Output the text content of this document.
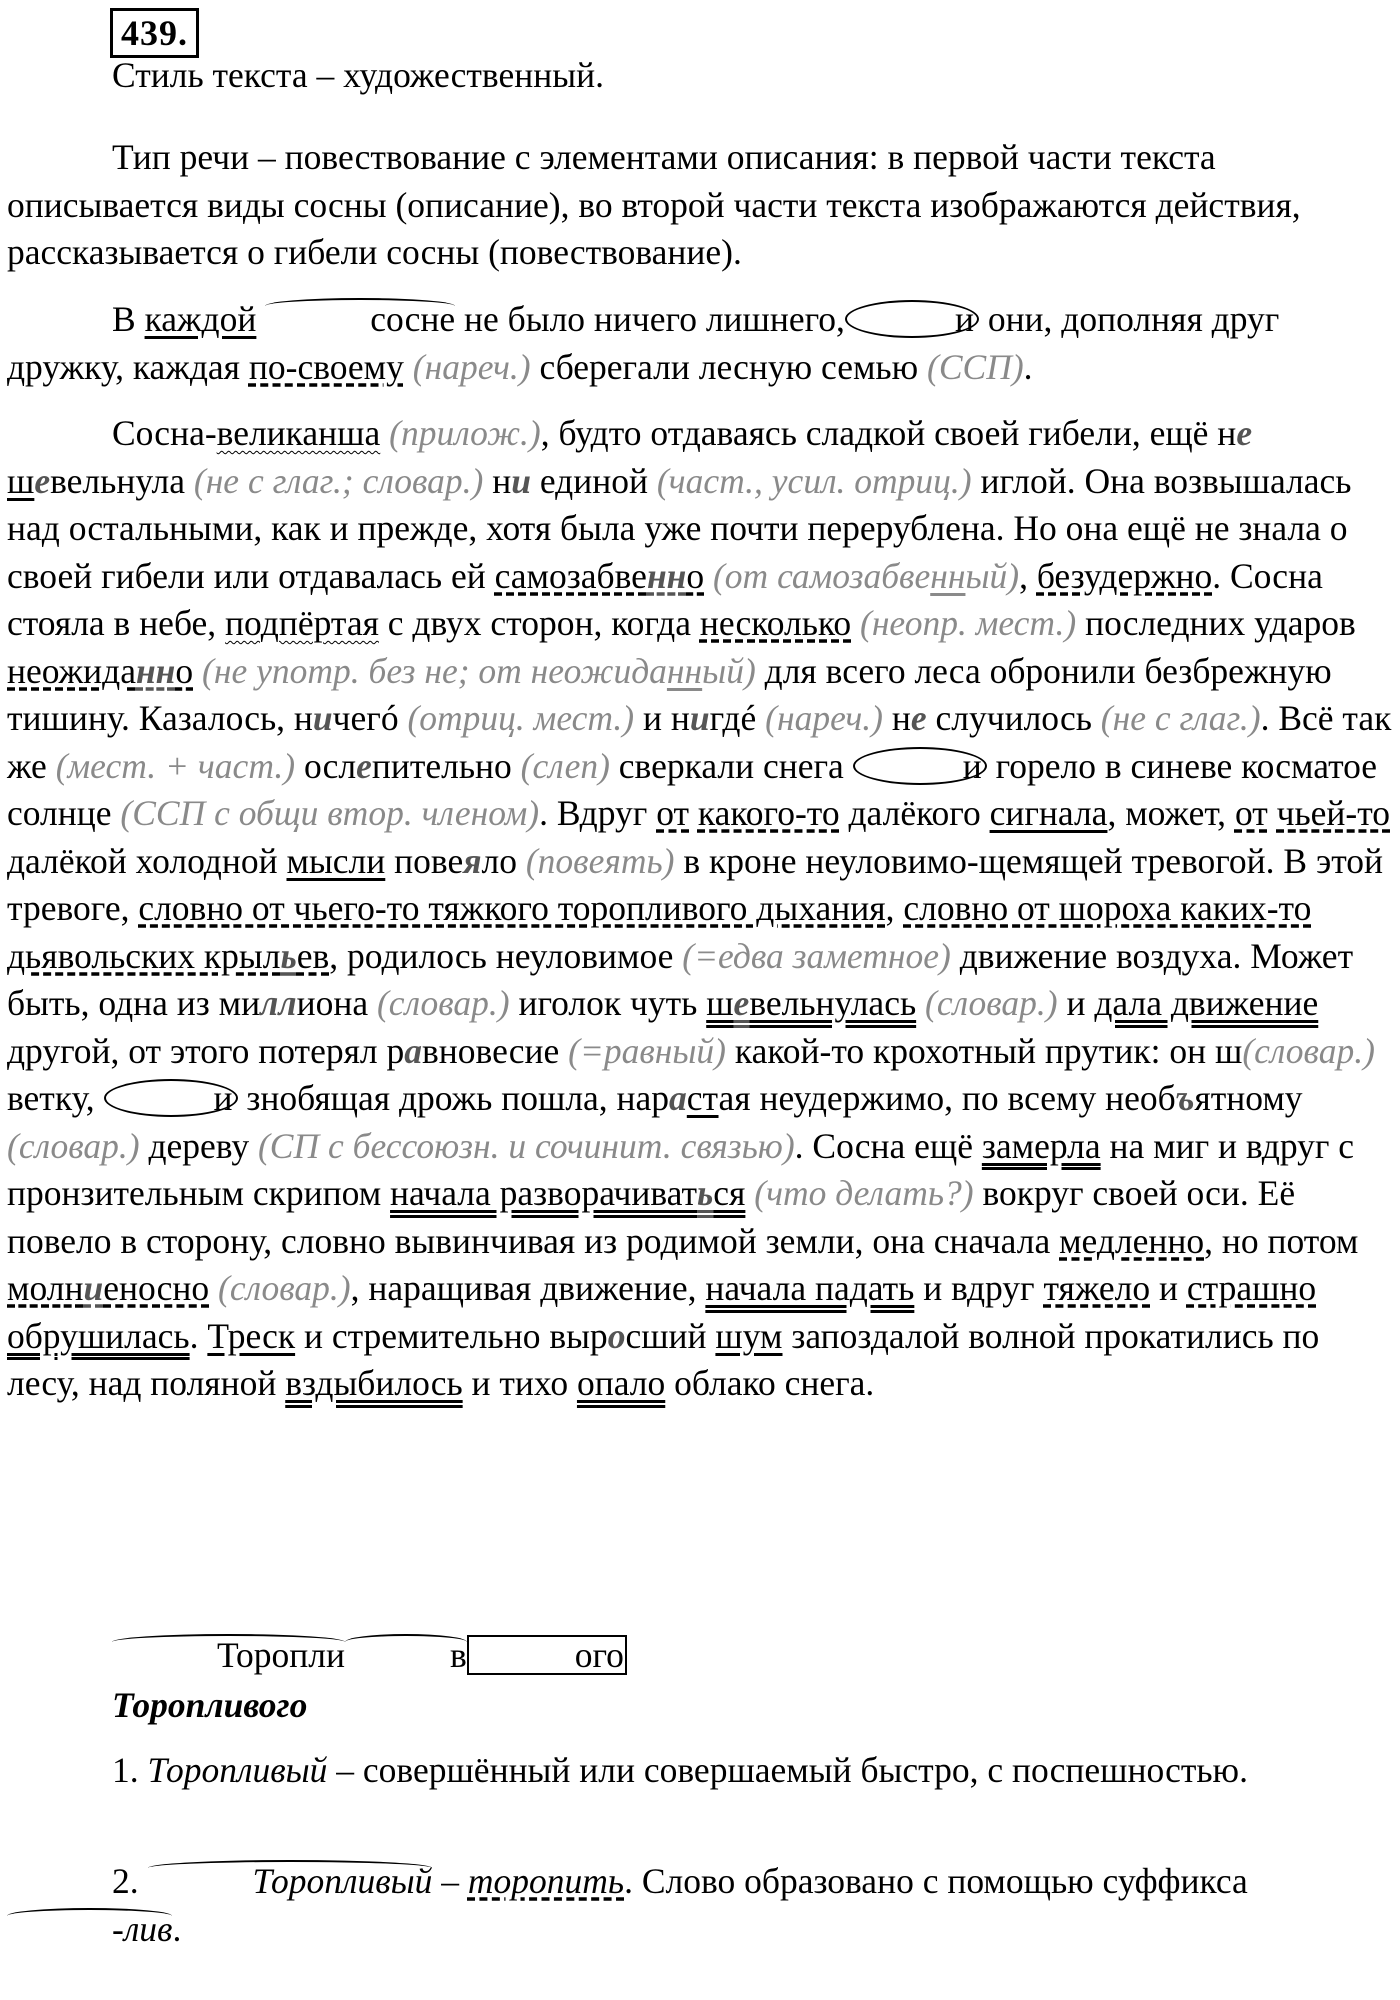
439.

Стиль текста – художественный.

Тип речи – повествование с элементами описания: в первой части текста описывается виды сосны (описание), во второй части текста изображаются действия, рассказывается о гибели сосны (повествование).

В каждой	сосне не было ничего лишнего,	и они, дополняя друг дружку, каждая по-своему (нареч.) сберегали лесную семью (ССП).

Сосна-великанша (прилож.), будто отдаваясь сладкой своей гибели, ещё не шевельнула (не с глаг.; словар.) ни единой (част., усил. отриц.) иглой. Она возвышалась над остальными, как и прежде, хотя была уже почти перерублена. Но она ещё не знала о своей гибели или отдавалась ей самозабвенно (от самозабвенный), безудержно. Сосна стояла в небе, подпёртая с двух сторон, когда несколько (неопр. мест.) последних ударов неожиданно (не употр. без не; от неожиданный) для всего леса обронили безбрежную тишину. Казалось, ничегó (отриц. мест.) и нигдé (нареч.) не случилось (не с глаг.). Всё так же (мест. + част.) ослепительно (слеп) сверкали снега	и горело в синеве косматое солнце (ССП с общи втор. членом). Вдруг от какого-то далёкого сигнала, может, от чьей-то далёкой холодной мысли повеяло (повеять) в кроне неуловимо-щемящей тревогой. В этой тревоге, словно от чьего-то тяжкого торопливого дыхания, словно от шороха каких-то дьявольских крыльев, родилось неуловимое (=едва заметное) движение воздуха. Может быть, одна из миллиона (словар.) иголок чуть шевельнулась (словар.) и дала движение другой, от этого потерял равновесие (=равный) какой-то крохотный прутик: он ш(словар.) ветку,	и знобящая дрожь пошла, нарастая неудержимо, по всему необъятному (словар.) дереву (СП с бессоюзн. и сочинит. связью). Сосна ещё замерла на миг и вдруг с пронзительным скрипом начала разворачиваться (что делать?) вокруг своей оси. Её повело в сторону, словно вывинчивая из родимой земли, она сначала медленно, но потом молниеносно (словар.), наращивая движение, начала падать и вдруг тяжело и страшно обрушилась. Треск и стремительно выросший шум запоздалой волной прокатились по лесу, над поляной вздыбилось и тихо опало облако снега.

Торопли	в	ого

Торопливого

1. Торопливый – совершённый или совершаемый быстро, с поспешностью.

2.	Торопливый – торопить. Слово образовано с помощью суффикса -лив.
